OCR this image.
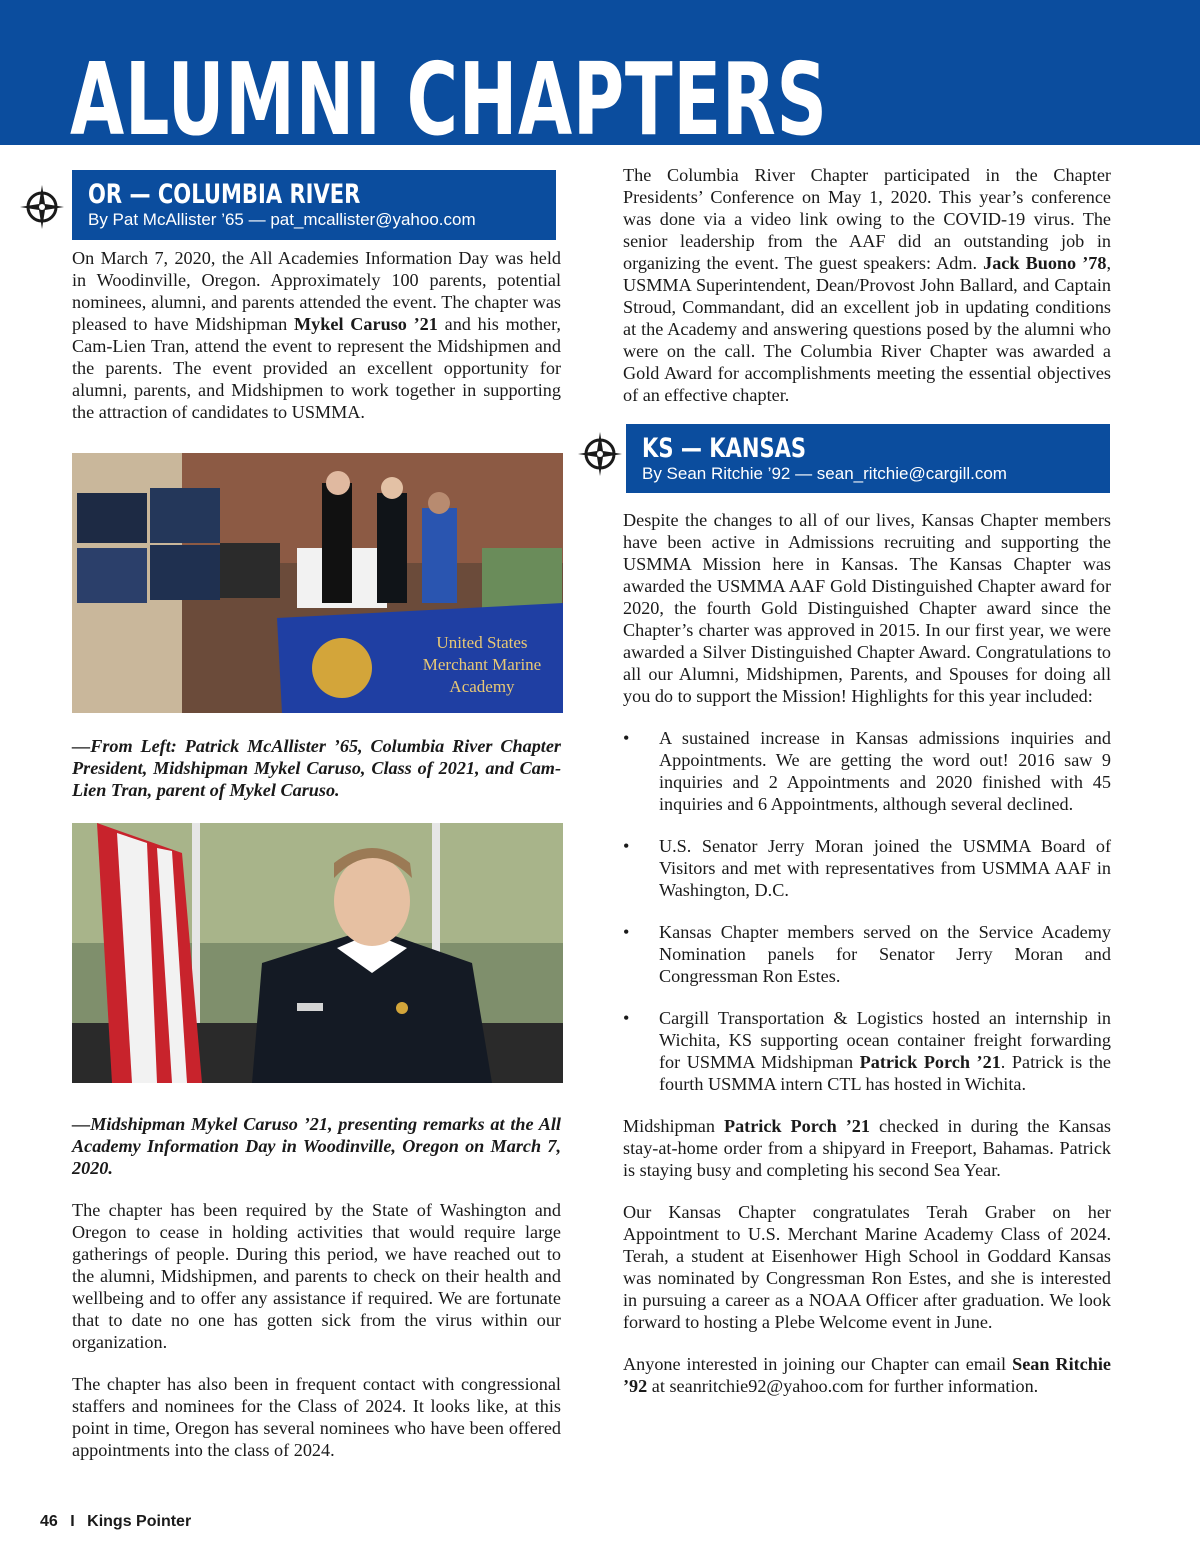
ALUMNI CHAPTERS
OR — COLUMBIA RIVER
By Pat McAllister ’65 — pat_mcallister@yahoo.com

On March 7, 2020, the All Academies Information Day was held in Woodinville, Oregon. Approximately 100 parents, potential nominees, alumni, and parents attended the event. The chapter was pleased to have Midshipman Mykel Caruso ’21 and his mother, Cam-Lien Tran, attend the event to represent the Midshipmen and the parents. The event provided an excellent opportunity for alumni, parents, and Midshipmen to work together in supporting the attraction of candidates to USMMA.

United States
Merchant Marine
Academy

—From Left: Patrick McAllister ’65, Columbia River Chapter President, Midshipman Mykel Caruso, Class of 2021, and Cam-Lien Tran, parent of Mykel Caruso.

—Midshipman Mykel Caruso ’21, presenting remarks at the All Academy Information Day in Woodinville, Oregon on March 7, 2020.

The chapter has been required by the State of Washington and Oregon to cease in holding activities that would require large gatherings of people. During this period, we have reached out to the alumni, Midshipmen, and parents to check on their health and wellbeing and to offer any assistance if required. We are fortunate that to date no one has gotten sick from the virus within our organization.

The chapter has also been in frequent contact with congressional staffers and nominees for the Class of 2024. It looks like, at this point in time, Oregon has several nominees who have been offered appointments into the class of 2024.

The Columbia River Chapter participated in the Chapter Presidents’ Conference on May 1, 2020. This year’s conference was done via a video link owing to the COVID-19 virus. The senior leadership from the AAF did an outstanding job in organizing the event. The guest speakers: Adm. Jack Buono ’78, USMMA Superintendent, Dean/Provost John Ballard, and Captain Stroud, Commandant, did an excellent job in updating conditions at the Academy and answering questions posed by the alumni who were on the call. The Columbia River Chapter was awarded a Gold Award for accomplishments meeting the essential objectives of an effective chapter.

KS — KANSAS
By Sean Ritchie ’92 — sean_ritchie@cargill.com

Despite the changes to all of our lives, Kansas Chapter members have been active in Admissions recruiting and supporting the USMMA Mission here in Kansas. The Kansas Chapter was awarded the USMMA AAF Gold Distinguished Chapter award for 2020, the fourth Gold Distinguished Chapter award since the Chapter’s charter was approved in 2015. In our first year, we were awarded a Silver Distinguished Chapter Award. Congratulations to all our Alumni, Midshipmen, Parents, and Spouses for doing all you do to support the Mission! Highlights for this year included:

• A sustained increase in Kansas admissions inquiries and Appointments. We are getting the word out! 2016 saw 9 inquiries and 2 Appointments and 2020 finished with 45 inquiries and 6 Appointments, although several declined.
• U.S. Senator Jerry Moran joined the USMMA Board of Visitors and met with representatives from USMMA AAF in Washington, D.C.
• Kansas Chapter members served on the Service Academy Nomination panels for Senator Jerry Moran and Congressman Ron Estes.
• Cargill Transportation & Logistics hosted an internship in Wichita, KS supporting ocean container freight forwarding for USMMA Midshipman Patrick Porch ’21. Patrick is the fourth USMMA intern CTL has hosted in Wichita.

Midshipman Patrick Porch ’21 checked in during the Kansas stay-at-home order from a shipyard in Freeport, Bahamas. Patrick is staying busy and completing his second Sea Year.

Our Kansas Chapter congratulates Terah Graber on her Appointment to U.S. Merchant Marine Academy Class of 2024. Terah, a student at Eisenhower High School in Goddard Kansas was nominated by Congressman Ron Estes, and she is interested in pursuing a career as a NOAA Officer after graduation. We look forward to hosting a Plebe Welcome event in June.

Anyone interested in joining our Chapter can email Sean Ritchie ’92 at seanritchie92@yahoo.com for further information.

46 I Kings Pointer
